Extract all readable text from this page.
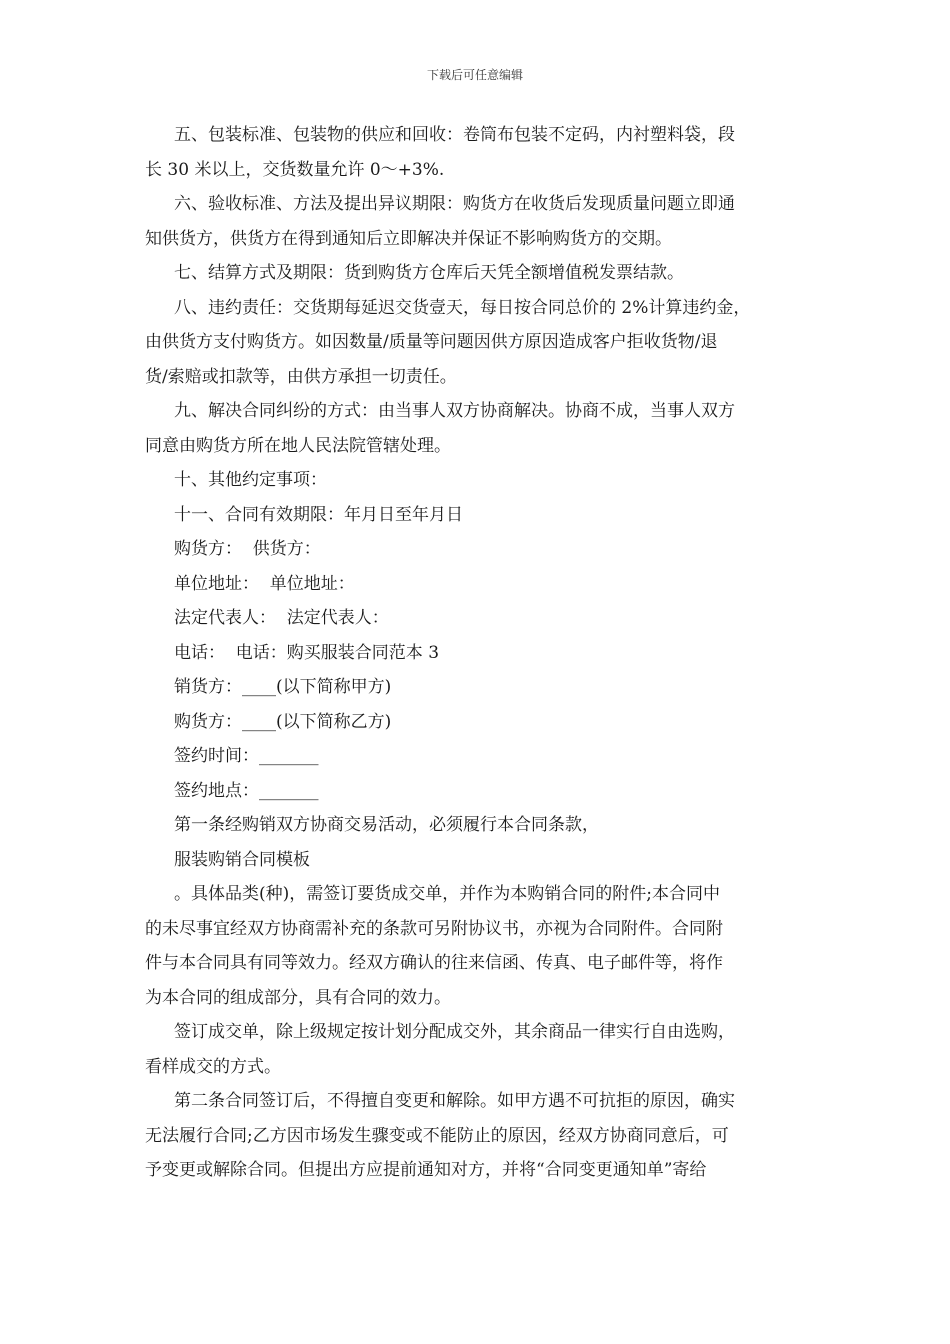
下载后可任意编辑
五、包装标准、包装物的供应和回收：卷筒布包装不定码，内衬塑料袋，段
长 30 米以上，交货数量允许 0～+3%.
六、验收标准、方法及提出异议期限：购货方在收货后发现质量问题立即通
知供货方，供货方在得到通知后立即解决并保证不影响购货方的交期。
七、结算方式及期限：货到购货方仓库后天凭全额增值税发票结款。
八、违约责任：交货期每延迟交货壹天，每日按合同总价的 2%计算违约金，
由供货方支付购货方。如因数量/质量等问题因供方原因造成客户拒收货物/退
货/索赔或扣款等，由供方承担一切责任。
九、解决合同纠纷的方式：由当事人双方协商解决。协商不成，当事人双方
同意由购货方所在地人民法院管辖处理。
十、其他约定事项：
十一、合同有效期限：年月日至年月日
购货方：  供货方：
单位地址：  单位地址：
法定代表人：  法定代表人：
电话：  电话：购买服装合同范本 3
销货方：____(以下简称甲方)
购货方：____(以下简称乙方)
签约时间：_______
签约地点：_______
第一条经购销双方协商交易活动，必须履行本合同条款，
服装购销合同模板
。具体品类(种)，需签订要货成交单，并作为本购销合同的附件;本合同中
的未尽事宜经双方协商需补充的条款可另附协议书，亦视为合同附件。合同附
件与本合同具有同等效力。经双方确认的往来信函、传真、电子邮件等，将作
为本合同的组成部分，具有合同的效力。
签订成交单，除上级规定按计划分配成交外，其余商品一律实行自由选购，
看样成交的方式。
第二条合同签订后，不得擅自变更和解除。如甲方遇不可抗拒的原因，确实
无法履行合同;乙方因市场发生骤变或不能防止的原因，经双方协商同意后，可
予变更或解除合同。但提出方应提前通知对方，并将“合同变更通知单”寄给
